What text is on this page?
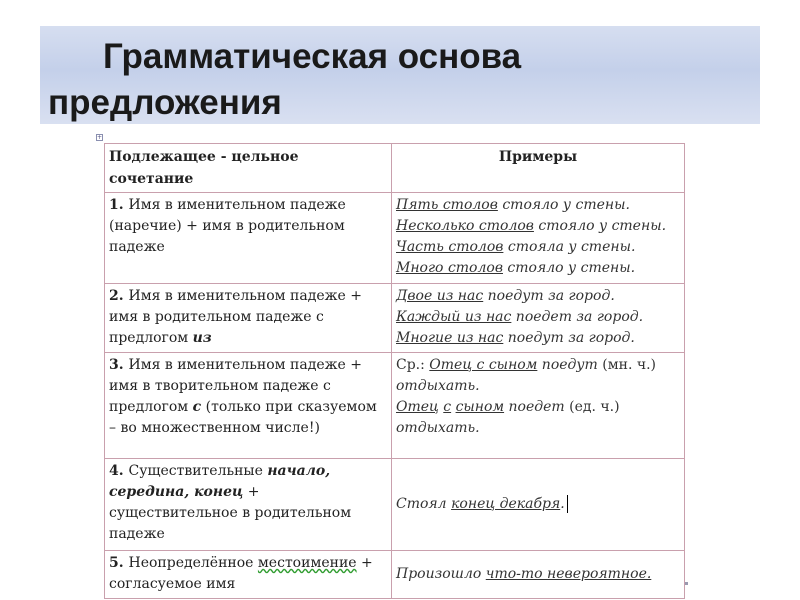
Грамматическая основа
предложения
+
Подлежащее - цельное сочетание	Примеры
1. Имя в именительном падеже (наречие) + имя в родительном падеже	Пять столов стояло у стены.
Несколько столов стояло у стены.
Часть столов стояла у стены.
Много столов стояло у стены.

2. Имя в именительном падеже + имя в родительном падеже с предлогом из	Двое из нас поедут за город.
Каждый из нас поедет за город.
Многие из нас поедут за город.

3. Имя в именительном падеже + имя в творительном падеже с предлогом с (только при сказуемом – во множественном числе!)	Ср.: Отец с сыном поедут (мн. ч.) отдыхать.
Отец с сыном поедет (ед. ч.) отдыхать.

4. Существительные начало, середина, конец + существительное в родительном падеже	Стоял конец декабря.

5. Неопределённое местоимение + согласуемое имя	Произошло что-то невероятное.
